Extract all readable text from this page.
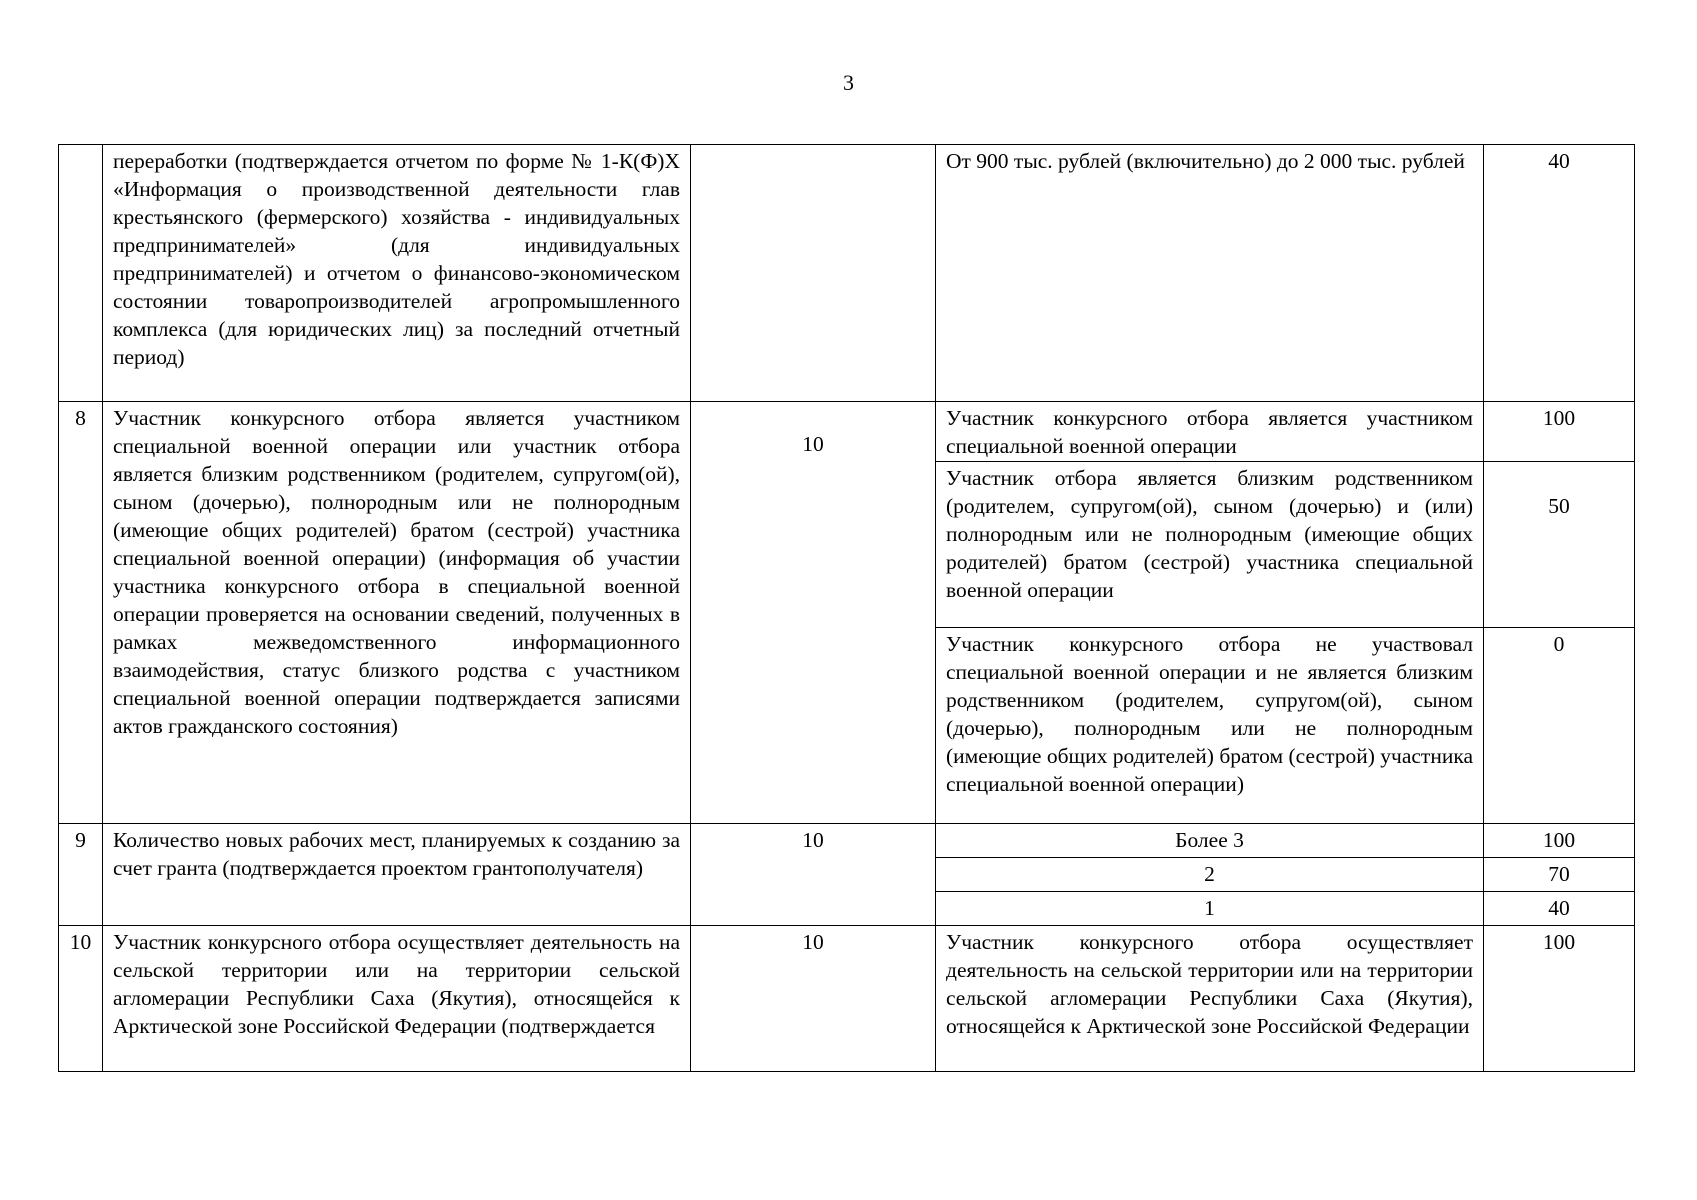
3
	переработки (подтверждается отчетом по форме № 1-К(Ф)Х «Информация о производственной деятельности глав крестьянского (фермерского) хозяйства - индивидуальных предпринимателей» (для индивидуальных предпринимателей) и отчетом о финансово-экономическом состоянии товаропроизводителей агропромышленного комплекса (для юридических лиц) за последний отчетный период)		От 900 тыс. рублей (включительно) до 2 000 тыс. рублей	40
8	Участник конкурсного отбора является участником специальной военной операции или участник отбора является близким родственником (родителем, супругом(ой), сыном (дочерью), полнородным или не полнородным (имеющие общих родителей) братом (сестрой) участника специальной военной операции) (информация об участии участника конкурсного отбора в специальной военной операции проверяется на основании сведений, полученных в рамках межведомственного информационного взаимодействия, статус близкого родства с участником специальной военной операции подтверждается записями актов гражданского состояния)	10	Участник конкурсного отбора является участником специальной военной операции	100
			Участник отбора является близким родственником (родителем, супругом(ой), сыном (дочерью) и (или) полнородным или не полнородным (имеющие общих родителей) братом (сестрой) участника специальной военной операции	50
			Участник конкурсного отбора не участвовал специальной военной операции и не является близким родственником (родителем, супругом(ой), сыном (дочерью), полнородным или не полнородным (имеющие общих родителей) братом (сестрой) участника специальной военной операции)	0
9	Количество новых рабочих мест, планируемых к созданию за счет гранта (подтверждается проектом грантополучателя)	10	Более 3	100
			2	70
			1	40
10	Участник конкурсного отбора осуществляет деятельность на сельской территории или на территории сельской агломерации Республики Саха (Якутия), относящейся к Арктической зоне Российской Федерации (подтверждается	10	Участник конкурсного отбора осуществляет деятельность на сельской территории или на территории сельской агломерации Республики Саха (Якутия), относящейся к Арктической зоне Российской Федерации	100
